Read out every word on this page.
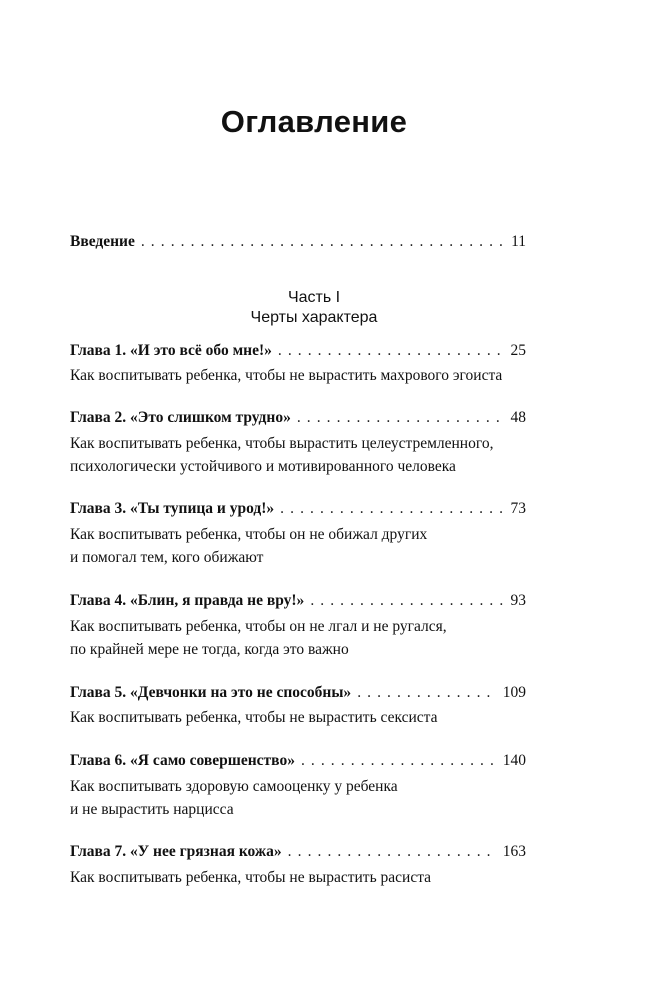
Оглавление
Введение . . .	11
Часть I
Черты характера
Глава 1. «И это всё обо мне!» . . .	25
Как воспитывать ребенка, чтобы не вырастить махрового эгоиста
Глава 2. «Это слишком трудно» . . .	48
Как воспитывать ребенка, чтобы вырастить целеустремленного,
психологически устойчивого и мотивированного человека
Глава 3. «Ты тупица и урод!» . . .	73
Как воспитывать ребенка, чтобы он не обижал других
и помогал тем, кого обижают
Глава 4. «Блин, я правда не вру!» . . .	93
Как воспитывать ребенка, чтобы он не лгал и не ругался,
по крайней мере не тогда, когда это важно
Глава 5. «Девчонки на это не способны» . . .	109
Как воспитывать ребенка, чтобы не вырастить сексиста
Глава 6. «Я само совершенство» . . .	140
Как воспитывать здоровую самооценку у ребенка
и не вырастить нарцисса
Глава 7. «У нее грязная кожа» . . .	163
Как воспитывать ребенка, чтобы не вырастить расиста
